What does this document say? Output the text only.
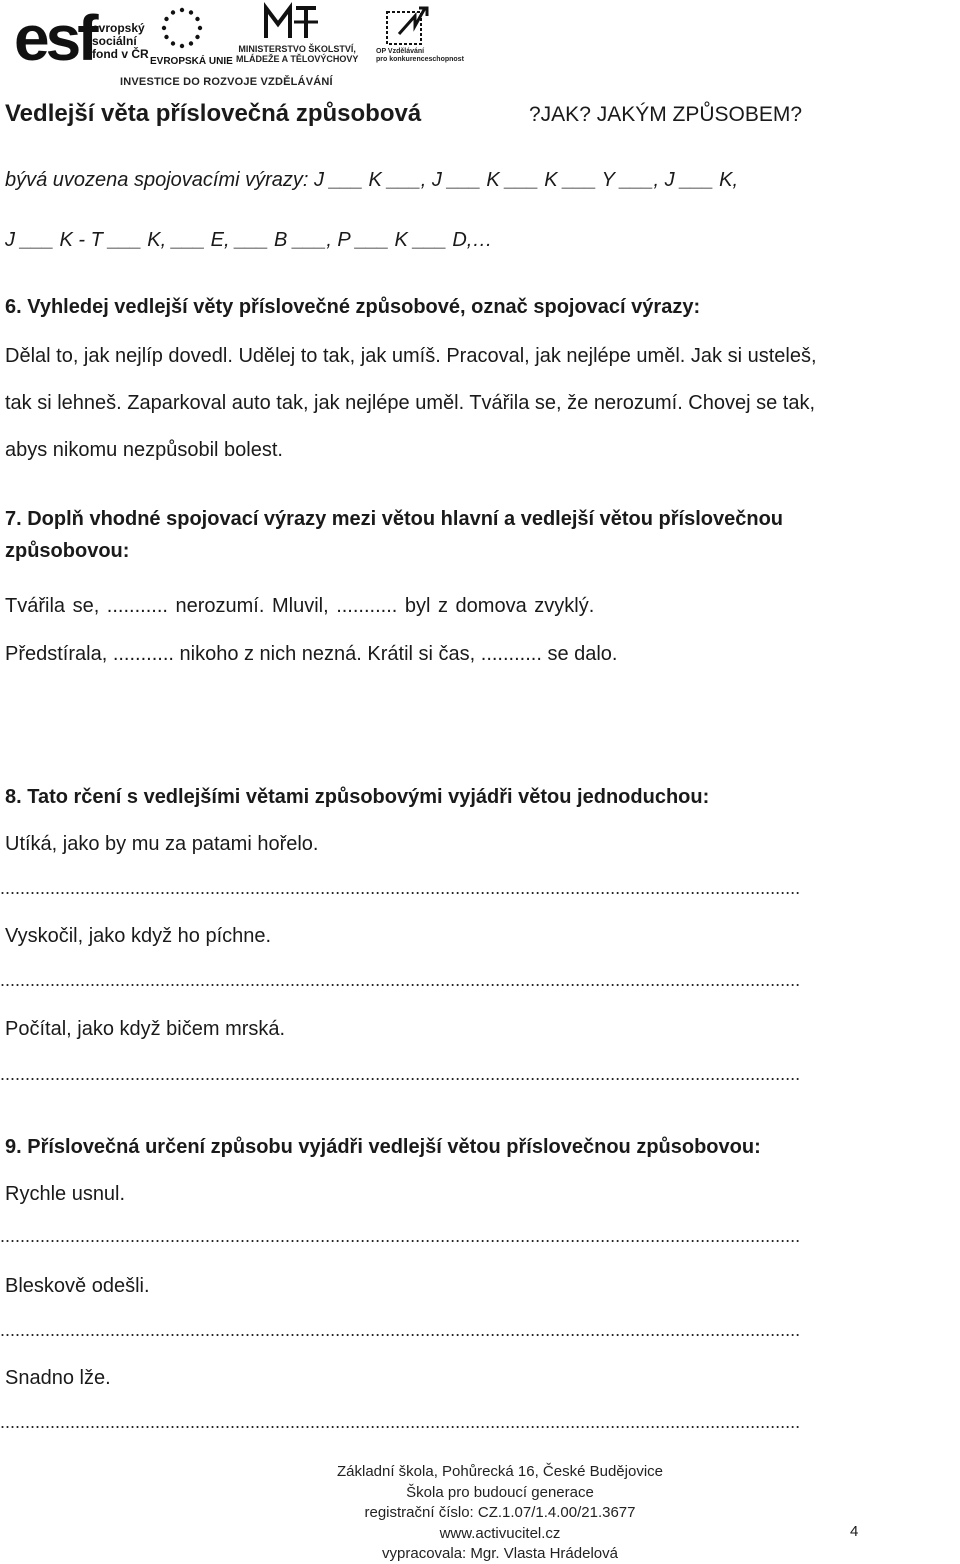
esf
evropský
sociální
fond v ČR
EVROPSKÁ UNIE
MINISTERSTVO ŠKOLSTVÍ,
MLÁDEŽE A TĚLOVÝCHOVY
OP Vzdělávání
pro konkurenceschopnost
INVESTICE DO ROZVOJE VZDĚLÁVÁNÍ
Vedlejší věta příslovečná způsobová	?JAK? JAKÝM ZPŮSOBEM?
bývá uvozena spojovacími výrazy: J ___ K ___, J ___ K ___ K ___ Y ___, J ___ K,
J ___ K - T ___ K, ___ E, ___ B ___, P ___ K ___ D,…
6. Vyhledej vedlejší věty příslovečné způsobové, označ spojovací výrazy:
Dělal to, jak nejlíp dovedl. Udělej to tak, jak umíš. Pracoval, jak nejlépe uměl. Jak si usteleš,
tak si lehneš. Zaparkoval auto tak, jak nejlépe uměl. Tvářila se, že nerozumí. Chovej se tak,
abys nikomu nezpůsobil bolest.
7. Doplň vhodné spojovací výrazy mezi větou hlavní a vedlejší větou příslovečnou
způsobovou:
Tvářila se, ........... nerozumí. Mluvil, ........... byl z domova zvyklý.
Předstírala, ........... nikoho z nich nezná. Krátil si čas, ........... se dalo.
8. Tato rčení s vedlejšími větami způsobovými vyjádři větou jednoduchou:
Utíká, jako by mu za patami hořelo.
................................................................................................................................................................
Vyskočil, jako když ho píchne.
................................................................................................................................................................
Počítal, jako když bičem mrská.
................................................................................................................................................................
9. Příslovečná určení způsobu vyjádři vedlejší větou příslovečnou způsobovou:
Rychle usnul.
................................................................................................................................................................
Bleskově odešli.
................................................................................................................................................................
Snadno lže.
................................................................................................................................................................
Základní škola, Pohůrecká 16, České Budějovice
Škola pro budoucí generace
registrační číslo: CZ.1.07/1.4.00/21.3677
www.activucitel.cz
vypracovala: Mgr. Vlasta Hrádelová
4
